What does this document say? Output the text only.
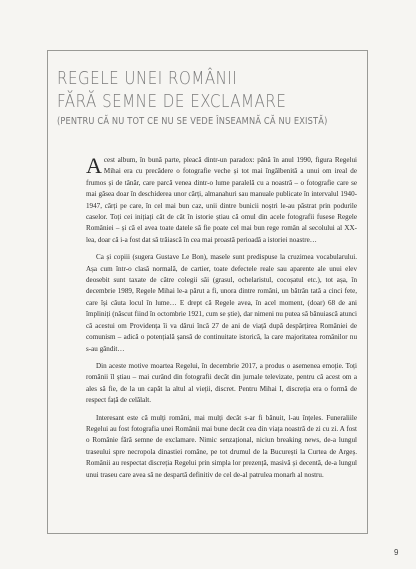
REGELE UNEI ROMÂNII
FĂRĂ SEMNE DE EXCLAMARE
(PENTRU CĂ NU TOT CE NU SE VEDE ÎNSEAMNĂ CĂ NU EXISTĂ)

Acest album, în bună parte, pleacă dintr-un paradox: până în anul 1990, figura Regelui Mihai era cu precădere o fotografie veche și tot mai îngălbenită a unui om ireal de frumos și de tânăr, care parcă venea dintr-o lume paralelă cu a noastră – o fotografie care se mai găsea doar în deschiderea unor cărți, almanahuri sau manuale publicate în intervalul 1940-1947, cărți pe care, în cel mai bun caz, unii dintre bunicii noștri le-au păstrat prin podurile caselor. Toți cei inițiați cât de cât în istorie știau că omul din acele fotografii fusese Regele României – și că el avea toate datele să fie poate cel mai bun rege român al secolului al XX-lea, doar că i-a fost dat să trăiască în cea mai proastă perioadă a istoriei noastre…

Ca și copiii (sugera Gustave Le Bon), masele sunt predispuse la cruzimea vocabularului. Așa cum într-o clasă normală, de cartier, toate defectele reale sau aparente ale unui elev deosebit sunt taxate de către colegii săi (grasul, ochelaristul, cocoșatul etc.), tot așa, în decembrie 1989, Regele Mihai le-a părut a fi, unora dintre români, un bătrân tată a cinci fete, care își căuta locul în lume… E drept că Regele avea, în acel moment, (doar) 68 de ani împliniți (născut fiind în octombrie 1921, cum se știe), dar nimeni nu putea să bănuiască atunci că acestui om Providența îi va dărui încă 27 de ani de viață după despărțirea României de comunism – adică o potențială șansă de continuitate istorică, la care majoritatea românilor nu s-au gândit…

Din aceste motive moartea Regelui, în decembrie 2017, a produs o asemenea emoție. Toți românii îl știau – mai curând din fotografii decât din jurnale televizate, pentru că acest om a ales să fie, de la un capăt la altul al vieții, discret. Pentru Mihai I, discreția era o formă de respect față de celălalt.

Interesant este că mulți români, mai mulți decât s-ar fi bănuit, l-au înțeles. Funeraliile Regelui au fost fotografia unei Românii mai bune decât cea din viața noastră de zi cu zi. A fost o Românie fără semne de exclamare. Nimic senzațional, niciun breaking news, de-a lungul traseului spre necropola dinastiei române, pe tot drumul de la București la Curtea de Argeș. Românii au respectat discreția Regelui prin simpla lor prezență, masivă și decentă, de-a lungul unui traseu care avea să ne despartă definitiv de cel de-al patrulea monarh al nostru.

9
